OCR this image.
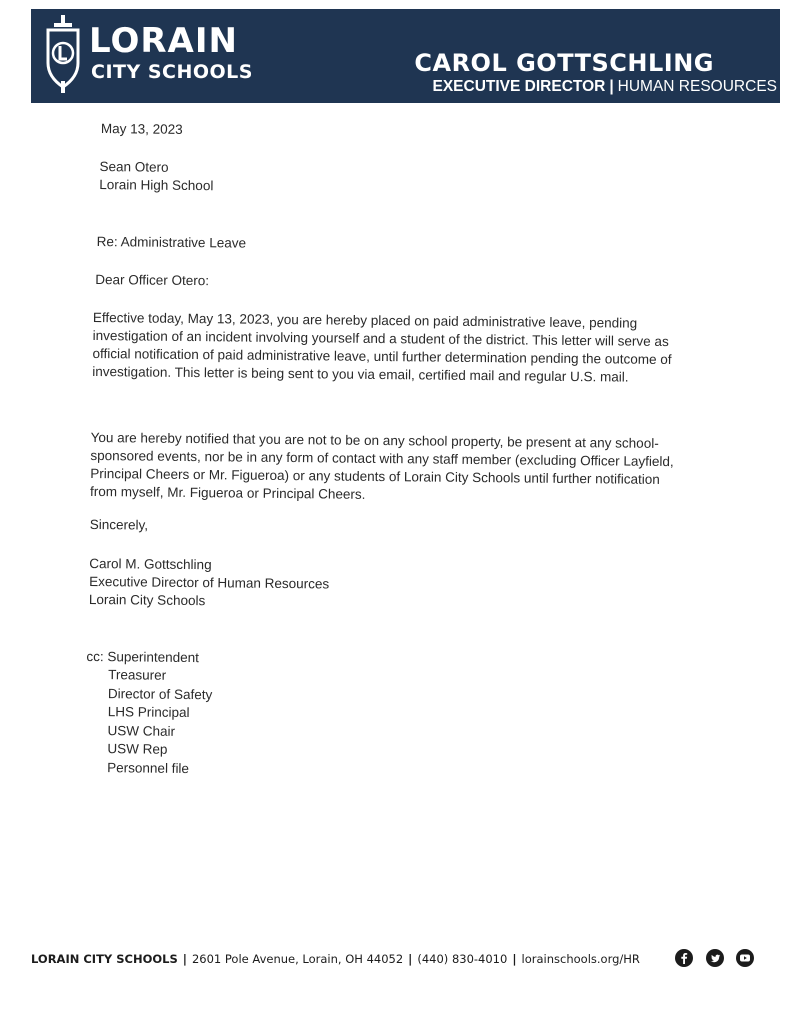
LORAIN
CITY SCHOOLS	CAROL GOTTSCHLING
EXECUTIVE DIRECTOR | HUMAN RESOURCES

May 13, 2023

Sean Otero

Lorain High School

Re: Administrative Leave

Dear Officer Otero:

Effective today, May 13, 2023, you are hereby placed on paid administrative leave, pending investigation of an incident involving yourself and a student of the district. This letter will serve as official notification of paid administrative leave, until further determination pending the outcome of investigation. This letter is being sent to you via email, certified mail and regular U.S. mail.

You are hereby notified that you are not to be on any school property, be present at any school-sponsored events, nor be in any form of contact with any staff member (excluding Officer Layfield, Principal Cheers or Mr. Figueroa) or any students of Lorain City Schools until further notification from myself, Mr. Figueroa or Principal Cheers.

Sincerely,

Carol M. Gottschling

Executive Director of Human Resources

Lorain City Schools

cc: Superintendent

Treasurer
Director of Safety
LHS Principal
USW Chair
USW Rep
Personnel file
LORAIN CITY SCHOOLS | 2601 Pole Avenue, Lorain, OH 44052 | (440) 830-4010 | lorainschools.org/HR
